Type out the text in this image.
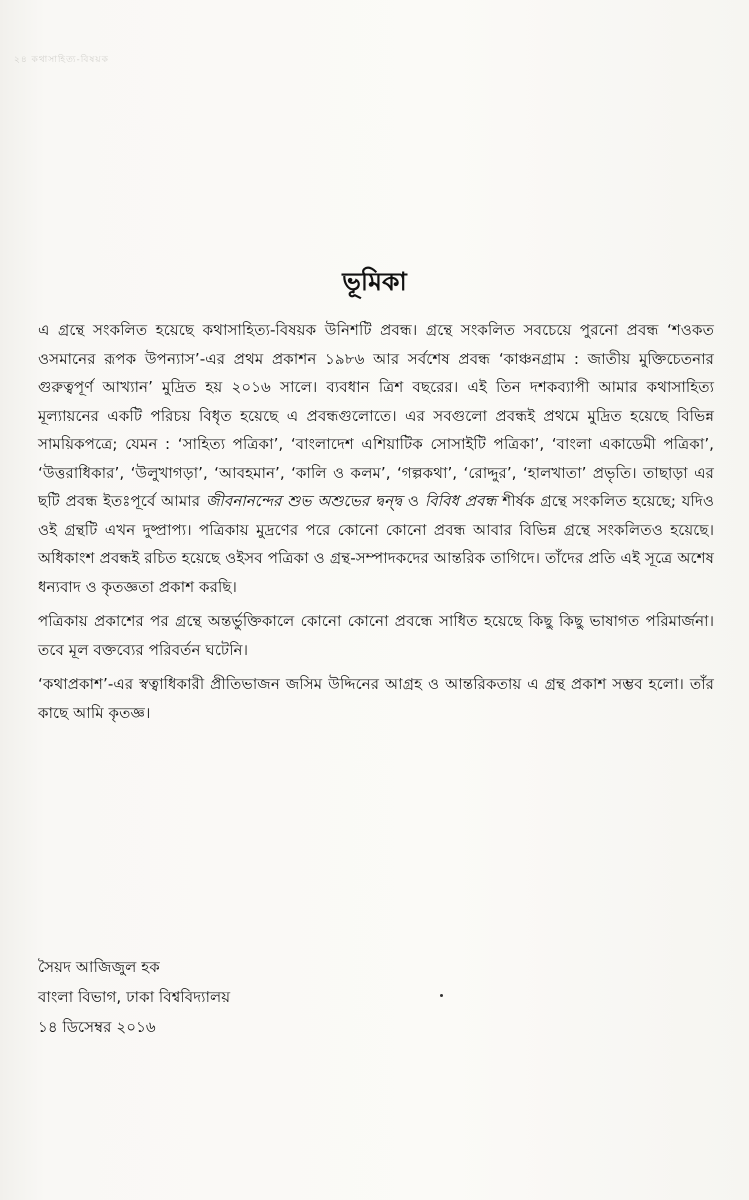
২৪ কথাসাহিত্য-বিষয়ক
ভূমিকা

এ গ্রন্থে সংকলিত হয়েছে কথাসাহিত্য-বিষয়ক উনিশটি প্রবন্ধ। গ্রন্থে সংকলিত সবচেয়ে পুরনো প্রবন্ধ ‘শওকত ওসমানের রূপক উপন্যাস’-এর প্রথম প্রকাশন ১৯৮৬ আর সর্বশেষ প্রবন্ধ ‘কাঞ্চনগ্রাম : জাতীয় মুক্তিচেতনার গুরুত্বপূর্ণ আখ্যান’ মুদ্রিত হয় ২০১৬ সালে। ব্যবধান ত্রিশ বছরের। এই তিন দশকব্যাপী আমার কথাসাহিত্য মূল্যায়নের একটি পরিচয় বিধৃত হয়েছে এ প্রবন্ধগুলোতে। এর সবগুলো প্রবন্ধই প্রথমে মুদ্রিত হয়েছে বিভিন্ন সাময়িকপত্রে; যেমন : ‘সাহিত্য পত্রিকা’, ‘বাংলাদেশ এশিয়াটিক সোসাইটি পত্রিকা’, ‘বাংলা একাডেমী পত্রিকা’, ‘উত্তরাধিকার’, ‘উলুখাগড়া’, ‘আবহমান’, ‘কালি ও কলম’, ‘গল্পকথা’, ‘রোদ্দুর’, ‘হালখাতা’ প্রভৃতি। তাছাড়া এর ছটি প্রবন্ধ ইতঃপূর্বে আমার জীবনানন্দের শুভ অশুভের দ্বন্দ্ব ও বিবিধ প্রবন্ধ শীর্ষক গ্রন্থে সংকলিত হয়েছে; যদিও ওই গ্রন্থটি এখন দুষ্প্রাপ্য। পত্রিকায় মুদ্রণের পরে কোনো কোনো প্রবন্ধ আবার বিভিন্ন গ্রন্থে সংকলিতও হয়েছে। অধিকাংশ প্রবন্ধই রচিত হয়েছে ওইসব পত্রিকা ও গ্রন্থ-সম্পাদকদের আন্তরিক তাগিদে। তাঁদের প্রতি এই সূত্রে অশেষ ধন্যবাদ ও কৃতজ্ঞতা প্রকাশ করছি।

পত্রিকায় প্রকাশের পর গ্রন্থে অন্তর্ভুক্তিকালে কোনো কোনো প্রবন্ধে সাধিত হয়েছে কিছু কিছু ভাষাগত পরিমার্জনা। তবে মূল বক্তব্যের পরিবর্তন ঘটেনি।

‘কথাপ্রকাশ’-এর স্বত্বাধিকারী প্রীতিভাজন জসিম উদ্দিনের আগ্রহ ও আন্তরিকতায় এ গ্রন্থ প্রকাশ সম্ভব হলো। তাঁর কাছে আমি কৃতজ্ঞ।

সৈয়দ আজিজুল হক
বাংলা বিভাগ, ঢাকা বিশ্ববিদ্যালয়
১৪ ডিসেম্বর ২০১৬
